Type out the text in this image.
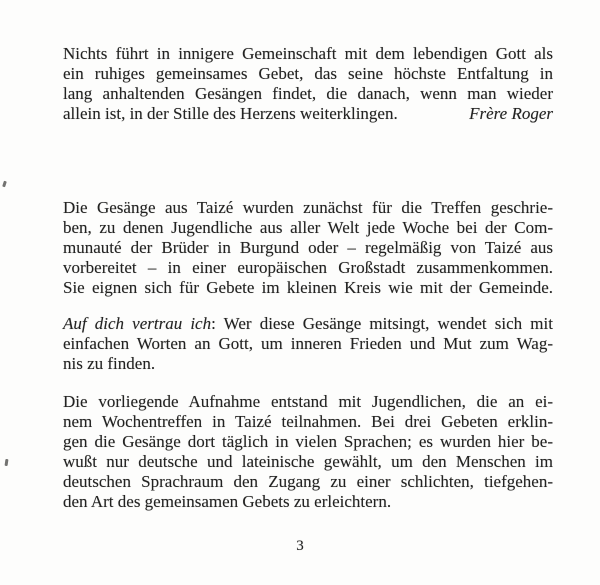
Nichts führt in innigere Gemeinschaft mit dem lebendigen Gott als
ein ruhiges gemeinsames Gebet, das seine höchste Entfaltung in
lang anhaltenden Gesängen findet, die danach, wenn man wieder
allein ist, in der Stille des Herzens weiterklingen.	Frère Roger
Die Gesänge aus Taizé wurden zunächst für die Treffen geschrie-
ben, zu denen Jugendliche aus aller Welt jede Woche bei der Com-
munauté der Brüder in Burgund oder – regelmäßig von Taizé aus
vorbereitet – in einer europäischen Großstadt zusammenkommen.
Sie eignen sich für Gebete im kleinen Kreis wie mit der Gemeinde.
Auf dich vertrau ich: Wer diese Gesänge mitsingt, wendet sich mit
einfachen Worten an Gott, um inneren Frieden und Mut zum Wag-
nis zu finden.
Die vorliegende Aufnahme entstand mit Jugendlichen, die an ei-
nem Wochentreffen in Taizé teilnahmen. Bei drei Gebeten erklin-
gen die Gesänge dort täglich in vielen Sprachen; es wurden hier be-
wußt nur deutsche und lateinische gewählt, um den Menschen im
deutschen Sprachraum den Zugang zu einer schlichten, tiefgehen-
den Art des gemeinsamen Gebets zu erleichtern.
3
